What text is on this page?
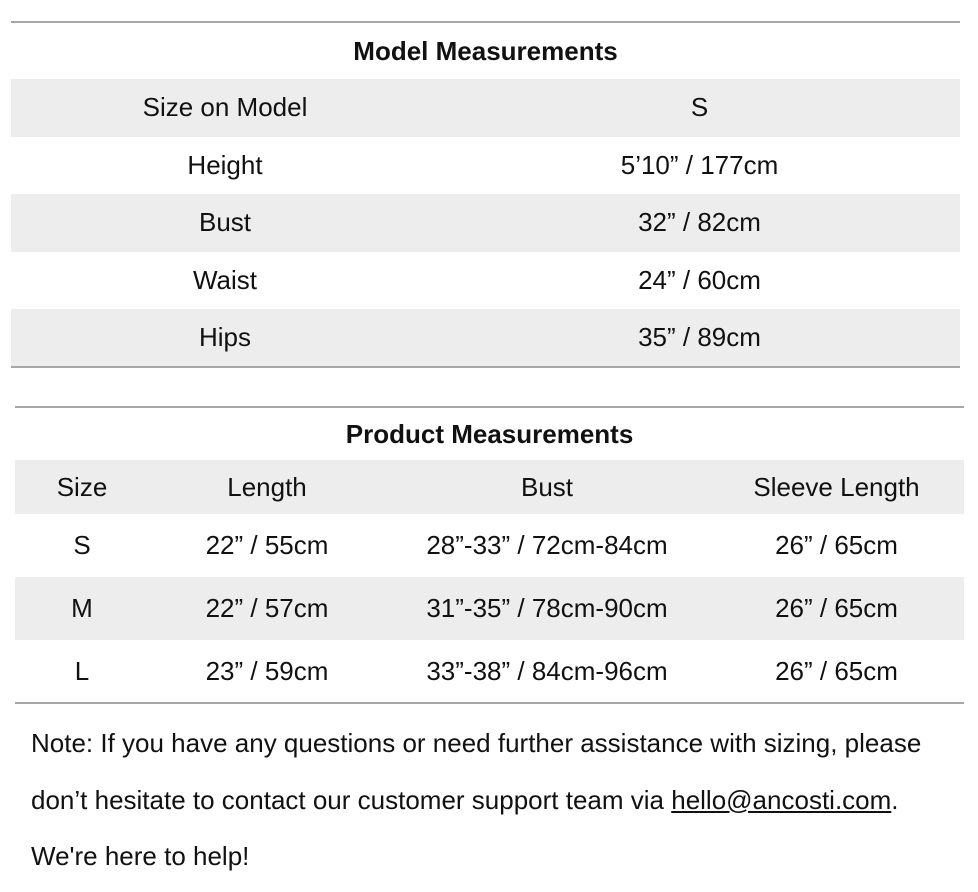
Model Measurements	
Size on Model	S
Height	5’10” / 177cm
Bust	32” / 82cm
Waist	24” / 60cm
Hips	35” / 89cm
Product Measurements			
Size	Length	Bust	Sleeve Length
S	22” / 55cm	28”-33” / 72cm-84cm	26” / 65cm
M	22” / 57cm	31”-35” / 78cm-90cm	26” / 65cm
L	23” / 59cm	33”-38” / 84cm-96cm	26” / 65cm
Note: If you have any questions or need further assistance with sizing, please don’t hesitate to contact our customer support team via hello@ancosti.com. We're here to help!
